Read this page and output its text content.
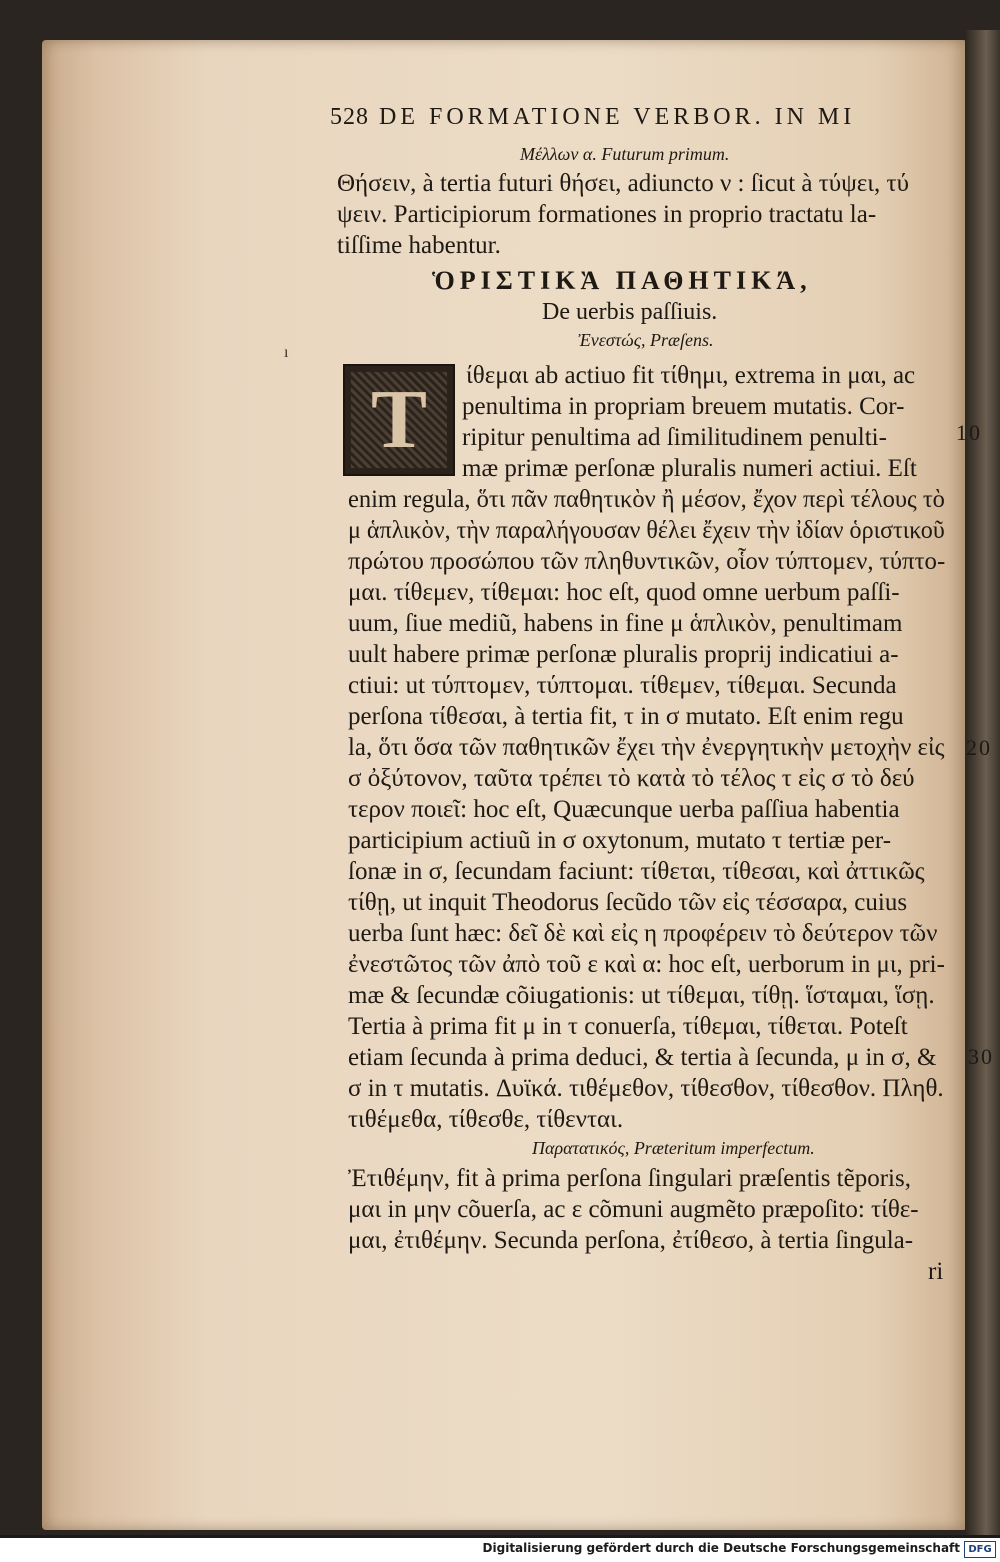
528 DE FORMATIONE VERBOR. IN MI
Μέλλων α. Futurum primum.
Θήσειν, à tertia futuri θήσει, adiuncto ν : ſicut à τύψει, τύ
ψειν. Participiorum formationes in proprio tractatu la-
tiſſime habentur.
ὉΡΙΣΤΙΚᾺ ΠΑΘΗΤΙΚΆ,
De uerbis paſſiuis.
Ἐνεστώς, Præſens.
ı
T ίθεμαι ab actiuo fit τίθημι, extrema in μαι, ac
penultima in propriam breuem mutatis. Cor-
ripitur penultima ad ſimilitudinem penulti-
mæ primæ perſonæ pluralis numeri actiui. Eſt
enim regula, ὅτι πᾶν παθητικὸν ἢ μέσον, ἔχον περὶ τέλους τὸ
μ ἁπλικὸν, τὴν παραλήγουσαν θέλει ἔχειν τὴν ἰδίαν ὁριστικοῦ
πρώτου προσώπου τῶν πληθυντικῶν, οἷον τύπτομεν, τύπτο-
μαι. τίθεμεν, τίθεμαι: hoc eſt, quod omne uerbum paſſi-
uum, ſiue mediũ, habens in fine μ ἁπλικὸν, penultimam
uult habere primæ perſonæ pluralis proprij indicatiui a-
ctiui: ut τύπτομεν, τύπτομαι. τίθεμεν, τίθεμαι. Secunda
perſona τίθεσαι, à tertia fit, τ in σ mutato. Eſt enim regu
la, ὅτι ὅσα τῶν παθητικῶν ἔχει τὴν ἐνεργητικὴν μετοχὴν εἰς
σ ὀξύτονον, ταῦτα τρέπει τὸ κατὰ τὸ τέλος τ εἰς σ τὸ δεύ
τερον ποιεῖ: hoc eſt, Quæcunque uerba paſſiua habentia
participium actiuũ in σ oxytonum, mutato τ tertiæ per-
ſonæ in σ, ſecundam faciunt: τίθεται, τίθεσαι, καὶ ἀττικῶς
τίθῃ, ut inquit Theodorus ſecũdo τῶν εἰς τέσσαρα, cuius
uerba ſunt hæc: δεῖ δὲ καὶ εἰς η προφέρειν τὸ δεύτερον τῶν
ἐνεστῶτος τῶν ἀπὸ τοῦ ε καὶ α: hoc eſt, uerborum in μι, pri-
mæ & ſecundæ cõiugationis: ut τίθεμαι, τίθῃ. ἵσταμαι, ἵσῃ.
Tertia à prima fit μ in τ conuerſa, τίθεμαι, τίθεται. Poteſt
etiam ſecunda à prima deduci, & tertia à ſecunda, μ in σ, &
σ in τ mutatis. Δυϊκά. τιθέμεθον, τίθεσθον, τίθεσθον. Πληθ.
τιθέμεθα, τίθεσθε, τίθενται.
Παρατατικός, Præteritum imperfectum.
Ἐτιθέμην, fit à prima perſona ſingulari præſentis tẽporis,
μαι in μην cõuerſa, ac ε cõmuni augmẽto præpoſito: τίθε-
μαι, ἐτιθέμην. Secunda perſona, ἐτίθεσο, à tertia ſingula-
ri
10
20
30
Digitalisierung gefördert durch die Deutsche Forschungsgemeinschaft DFG
